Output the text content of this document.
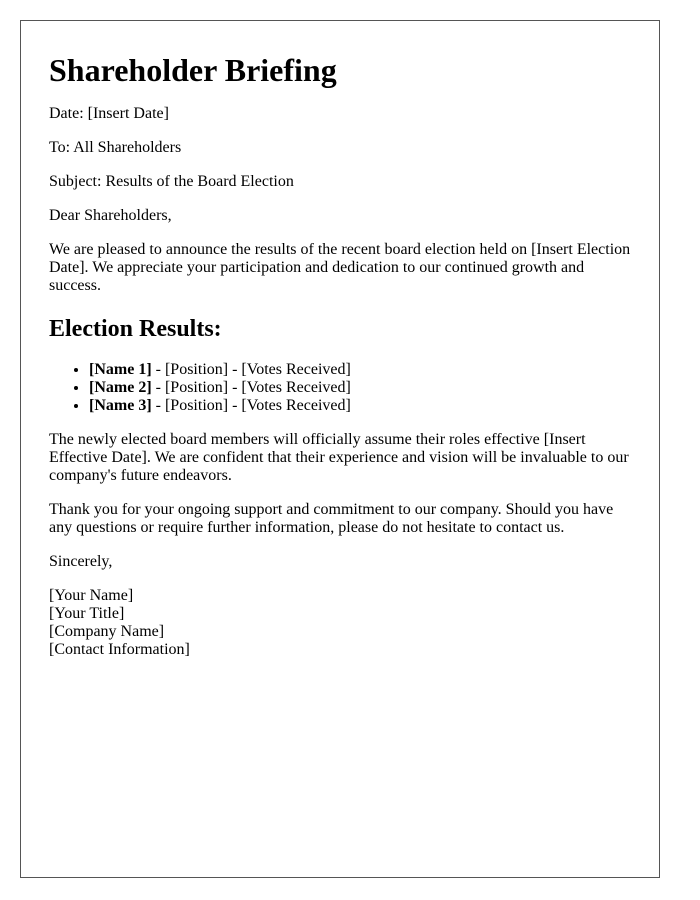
Shareholder Briefing

Date: [Insert Date]

To: All Shareholders

Subject: Results of the Board Election

Dear Shareholders,

We are pleased to announce the results of the recent board election held on [Insert Election Date]. We appreciate your participation and dedication to our continued growth and success.

Election Results:
• [Name 1] - [Position] - [Votes Received]
• [Name 2] - [Position] - [Votes Received]
• [Name 3] - [Position] - [Votes Received]

The newly elected board members will officially assume their roles effective [Insert Effective Date]. We are confident that their experience and vision will be invaluable to our company's future endeavors.

Thank you for your ongoing support and commitment to our company. Should you have any questions or require further information, please do not hesitate to contact us.

Sincerely,

[Your Name]
[Your Title]
[Company Name]
[Contact Information]
